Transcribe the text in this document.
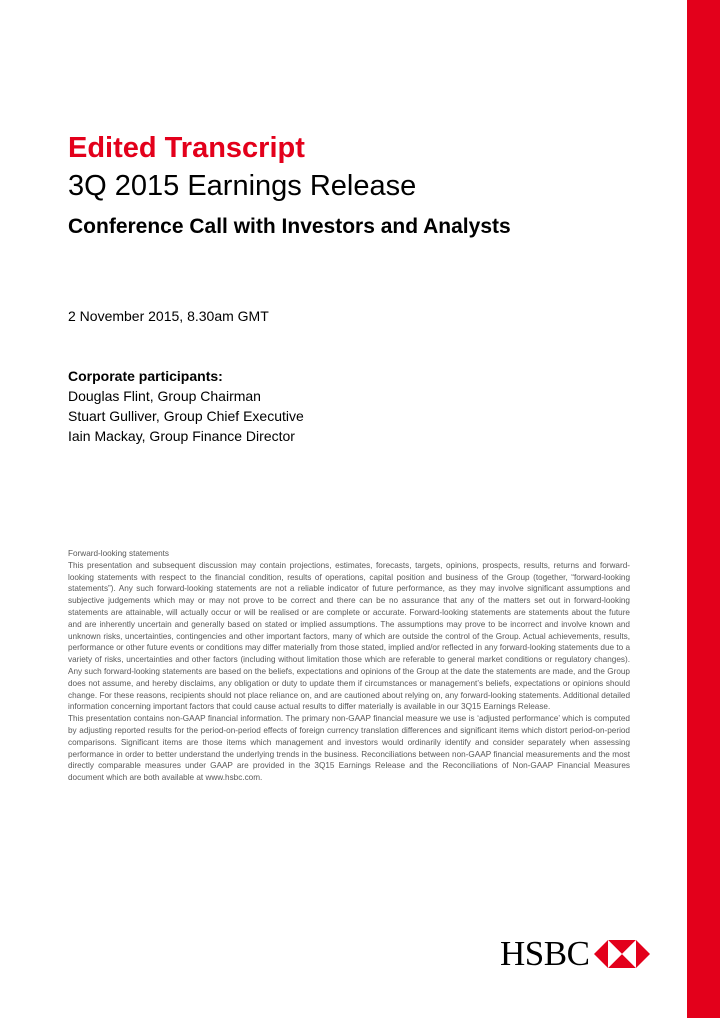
Edited Transcript
3Q 2015 Earnings Release
Conference Call with Investors and Analysts
2 November 2015, 8.30am GMT
Corporate participants:
Douglas Flint, Group Chairman
Stuart Gulliver, Group Chief Executive
Iain Mackay, Group Finance Director

Forward-looking statements

This presentation and subsequent discussion may contain projections, estimates, forecasts, targets, opinions, prospects, results, returns and forward-looking statements with respect to the financial condition, results of operations, capital position and business of the Group (together, “forward-looking statements”). Any such forward-looking statements are not a reliable indicator of future performance, as they may involve significant assumptions and subjective judgements which may or may not prove to be correct and there can be no assurance that any of the matters set out in forward-looking statements are attainable, will actually occur or will be realised or are complete or accurate. Forward-looking statements are statements about the future and are inherently uncertain and generally based on stated or implied assumptions. The assumptions may prove to be incorrect and involve known and unknown risks, uncertainties, contingencies and other important factors, many of which are outside the control of the Group. Actual achievements, results, performance or other future events or conditions may differ materially from those stated, implied and/or reflected in any forward-looking statements due to a variety of risks, uncertainties and other factors (including without limitation those which are referable to general market conditions or regulatory changes). Any such forward-looking statements are based on the beliefs, expectations and opinions of the Group at the date the statements are made, and the Group does not assume, and hereby disclaims, any obligation or duty to update them if circumstances or management’s beliefs, expectations or opinions should change. For these reasons, recipients should not place reliance on, and are cautioned about relying on, any forward-looking statements. Additional detailed information concerning important factors that could cause actual results to differ materially is available in our 3Q15 Earnings Release.

This presentation contains non-GAAP financial information. The primary non-GAAP financial measure we use is ‘adjusted performance’ which is computed by adjusting reported results for the period-on-period effects of foreign currency translation differences and significant items which distort period-on-period comparisons. Significant items are those items which management and investors would ordinarily identify and consider separately when assessing performance in order to better understand the underlying trends in the business. Reconciliations between non-GAAP financial measurements and the most directly comparable measures under GAAP are provided in the 3Q15 Earnings Release and the Reconciliations of Non-GAAP Financial Measures document which are both available at www.hsbc.com.

HSBC
